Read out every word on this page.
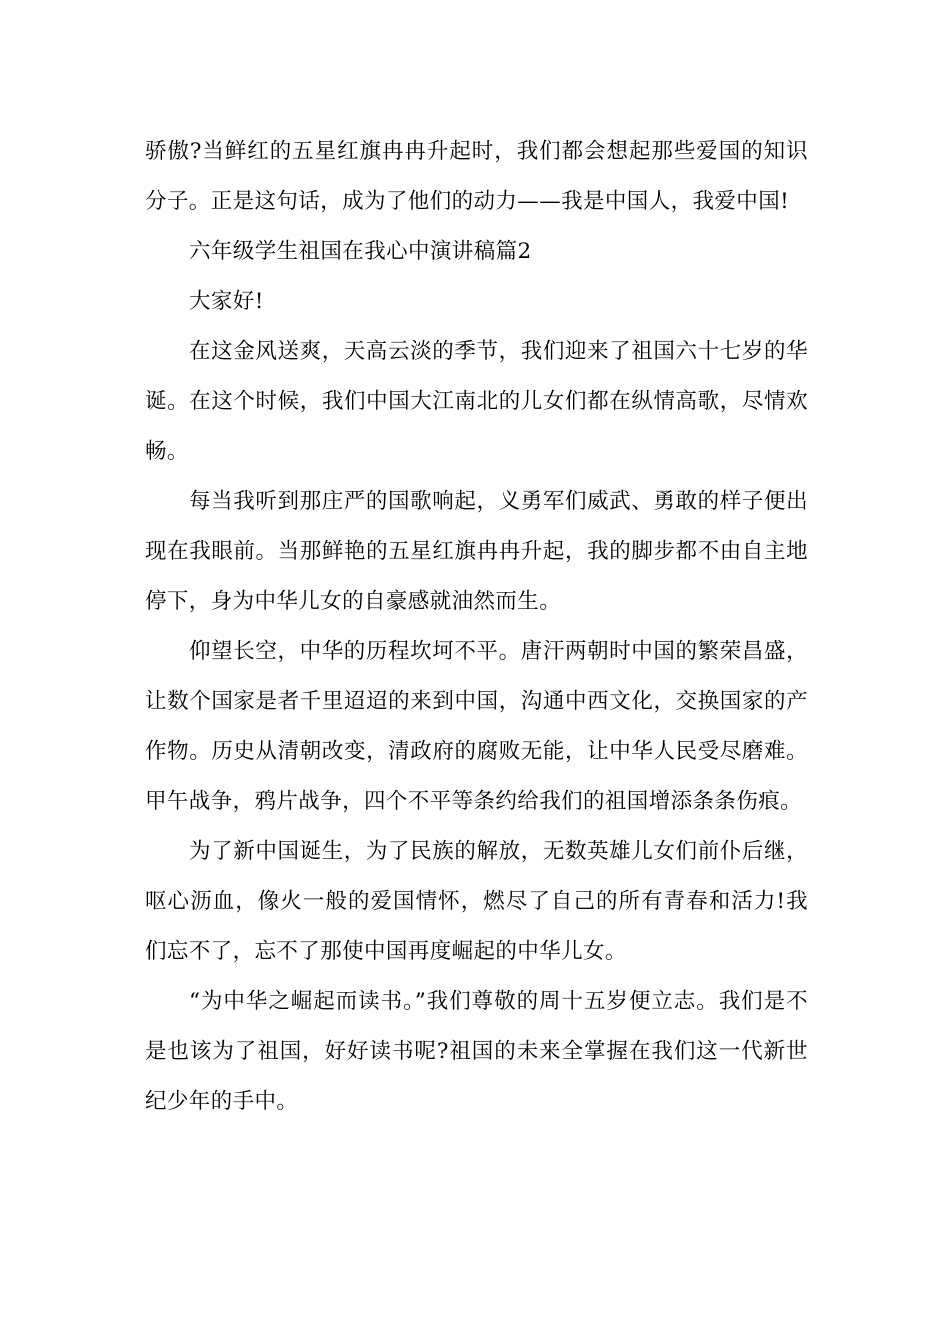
骄傲?当鲜红的五星红旗冉冉升起时，我们都会想起那些爱国的知识分子。正是这句话，成为了他们的动力——我是中国人，我爱中国!

六年级学生祖国在我心中演讲稿篇2

大家好!

在这金风送爽，天高云淡的季节，我们迎来了祖国六十七岁的华诞。在这个时候，我们中国大江南北的儿女们都在纵情高歌，尽情欢畅。

每当我听到那庄严的国歌响起，义勇军们威武、勇敢的样子便出现在我眼前。当那鲜艳的五星红旗冉冉升起，我的脚步都不由自主地停下，身为中华儿女的自豪感就油然而生。

仰望长空，中华的历程坎坷不平。唐汗两朝时中国的繁荣昌盛，让数个国家是者千里迢迢的来到中国，沟通中西文化，交换国家的产作物。历史从清朝改变，清政府的腐败无能，让中华人民受尽磨难。甲午战争，鸦片战争，四个不平等条约给我们的祖国增添条条伤痕。

为了新中国诞生，为了民族的解放，无数英雄儿女们前仆后继，呕心沥血，像火一般的爱国情怀，燃尽了自己的所有青春和活力!我们忘不了，忘不了那使中国再度崛起的中华儿女。

“为中华之崛起而读书。”我们尊敬的周十五岁便立志。我们是不是也该为了祖国，好好读书呢?祖国的未来全掌握在我们这一代新世纪少年的手中。
